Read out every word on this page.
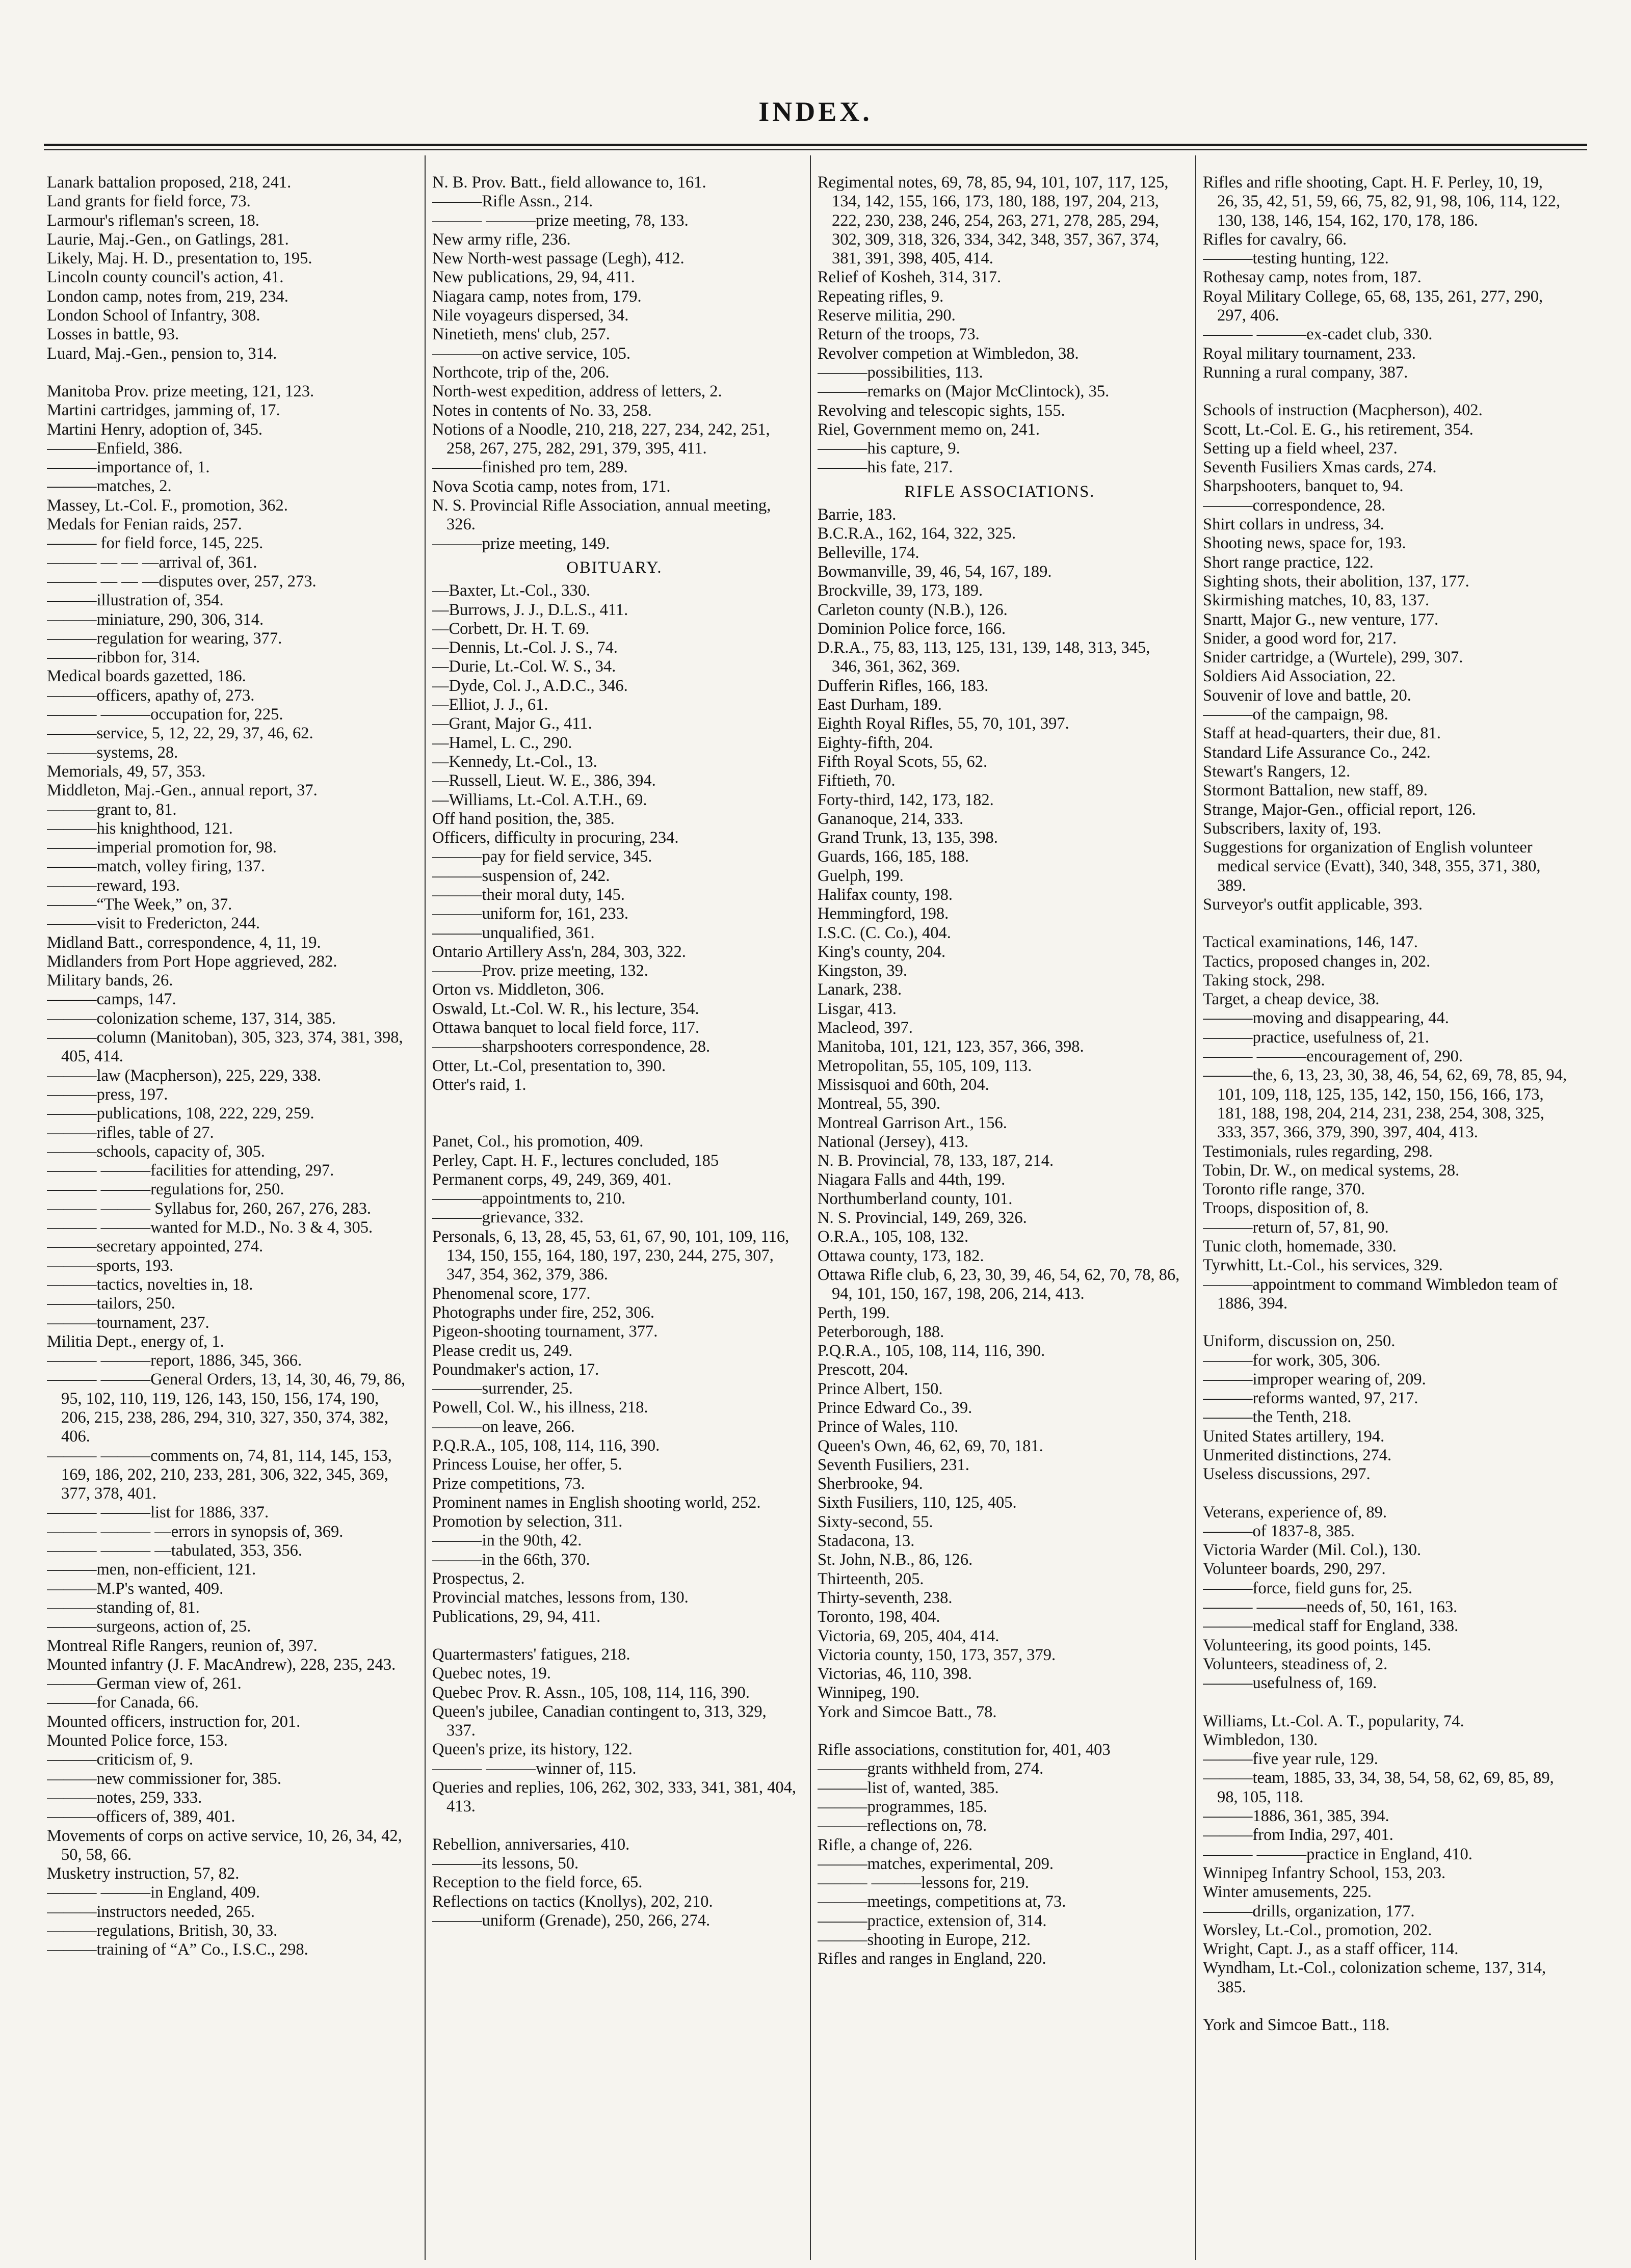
INDEX.
Lanark battalion proposed, 218, 241.
Land grants for field force, 73.
Larmour's rifleman's screen, 18.
Laurie, Maj.-Gen., on Gatlings, 281.
Likely, Maj. H. D., presentation to, 195.
Lincoln county council's action, 41.
London camp, notes from, 219, 234.
London School of Infantry, 308.
Losses in battle, 93.
Luard, Maj.-Gen., pension to, 314.
Manitoba Prov. prize meeting, 121, 123.
Martini cartridges, jamming of, 17.
Martini Henry, adoption of, 345.
———Enfield, 386.
———importance of, 1.
———matches, 2.
Massey, Lt.-Col. F., promotion, 362.
Medals for Fenian raids, 257.
——— for field force, 145, 225.
——— — — —arrival of, 361.
——— — — —disputes over, 257, 273.
———illustration of, 354.
———miniature, 290, 306, 314.
———regulation for wearing, 377.
———ribbon for, 314.
Medical boards gazetted, 186.
———officers, apathy of, 273.
——— ———occupation for, 225.
———service, 5, 12, 22, 29, 37, 46, 62.
———systems, 28.
Memorials, 49, 57, 353.
Middleton, Maj.-Gen., annual report, 37.
———grant to, 81.
———his knighthood, 121.
———imperial promotion for, 98.
———match, volley firing, 137.
———reward, 193.
———“The Week,” on, 37.
———visit to Fredericton, 244.
Midland Batt., correspondence, 4, 11, 19.
Midlanders from Port Hope aggrieved, 282.
Military bands, 26.
———camps, 147.
———colonization scheme, 137, 314, 385.
———column (Manitoban), 305, 323, 374, 381, 398, 405, 414.
———law (Macpherson), 225, 229, 338.
———press, 197.
———publications, 108, 222, 229, 259.
———rifles, table of 27.
———schools, capacity of, 305.
——— ———facilities for attending, 297.
——— ———regulations for, 250.
——— ——— Syllabus for, 260, 267, 276, 283.
——— ———wanted for M.D., No. 3 & 4, 305.
———secretary appointed, 274.
———sports, 193.
———tactics, novelties in, 18.
———tailors, 250.
———tournament, 237.
Militia Dept., energy of, 1.
——— ———report, 1886, 345, 366.
——— ———General Orders, 13, 14, 30, 46, 79, 86, 95, 102, 110, 119, 126, 143, 150, 156, 174, 190, 206, 215, 238, 286, 294, 310, 327, 350, 374, 382, 406.
——— ———comments on, 74, 81, 114, 145, 153, 169, 186, 202, 210, 233, 281, 306, 322, 345, 369, 377, 378, 401.
——— ———list for 1886, 337.
——— ——— —errors in synopsis of, 369.
——— ——— —tabulated, 353, 356.
———men, non-efficient, 121.
———M.P's wanted, 409.
———standing of, 81.
———surgeons, action of, 25.
Montreal Rifle Rangers, reunion of, 397.
Mounted infantry (J. F. MacAndrew), 228, 235, 243.
———German view of, 261.
———for Canada, 66.
Mounted officers, instruction for, 201.
Mounted Police force, 153.
———criticism of, 9.
———new commissioner for, 385.
———notes, 259, 333.
———officers of, 389, 401.
Movements of corps on active service, 10, 26, 34, 42, 50, 58, 66.
Musketry instruction, 57, 82.
——— ———in England, 409.
———instructors needed, 265.
———regulations, British, 30, 33.
———training of “A” Co., I.S.C., 298.
N. B. Prov. Batt., field allowance to, 161.
———Rifle Assn., 214.
——— ———prize meeting, 78, 133.
New army rifle, 236.
New North-west passage (Legh), 412.
New publications, 29, 94, 411.
Niagara camp, notes from, 179.
Nile voyageurs dispersed, 34.
Ninetieth, mens' club, 257.
———on active service, 105.
Northcote, trip of the, 206.
North-west expedition, address of letters, 2.
Notes in contents of No. 33, 258.
Notions of a Noodle, 210, 218, 227, 234, 242, 251, 258, 267, 275, 282, 291, 379, 395, 411.
———finished pro tem, 289.
Nova Scotia camp, notes from, 171.
N. S. Provincial Rifle Association, annual meeting, 326.
———prize meeting, 149.
OBITUARY.
—Baxter, Lt.-Col., 330.
—Burrows, J. J., D.L.S., 411.
—Corbett, Dr. H. T. 69.
—Dennis, Lt.-Col. J. S., 74.
—Durie, Lt.-Col. W. S., 34.
—Dyde, Col. J., A.D.C., 346.
—Elliot, J. J., 61.
—Grant, Major G., 411.
—Hamel, L. C., 290.
—Kennedy, Lt.-Col., 13.
—Russell, Lieut. W. E., 386, 394.
—Williams, Lt.-Col. A.T.H., 69.
Off hand position, the, 385.
Officers, difficulty in procuring, 234.
———pay for field service, 345.
———suspension of, 242.
———their moral duty, 145.
———uniform for, 161, 233.
———unqualified, 361.
Ontario Artillery Ass'n, 284, 303, 322.
———Prov. prize meeting, 132.
Orton vs. Middleton, 306.
Oswald, Lt.-Col. W. R., his lecture, 354.
Ottawa banquet to local field force, 117.
———sharpshooters correspondence, 28.
Otter, Lt.-Col, presentation to, 390.
Otter's raid, 1.
Panet, Col., his promotion, 409.
Perley, Capt. H. F., lectures concluded, 185
Permanent corps, 49, 249, 369, 401.
———appointments to, 210.
———grievance, 332.
Personals, 6, 13, 28, 45, 53, 61, 67, 90, 101, 109, 116, 134, 150, 155, 164, 180, 197, 230, 244, 275, 307, 347, 354, 362, 379, 386.
Phenomenal score, 177.
Photographs under fire, 252, 306.
Pigeon-shooting tournament, 377.
Please credit us, 249.
Poundmaker's action, 17.
———surrender, 25.
Powell, Col. W., his illness, 218.
———on leave, 266.
P.Q.R.A., 105, 108, 114, 116, 390.
Princess Louise, her offer, 5.
Prize competitions, 73.
Prominent names in English shooting world, 252.
Promotion by selection, 311.
———in the 90th, 42.
———in the 66th, 370.
Prospectus, 2.
Provincial matches, lessons from, 130.
Publications, 29, 94, 411.
Quartermasters' fatigues, 218.
Quebec notes, 19.
Quebec Prov. R. Assn., 105, 108, 114, 116, 390.
Queen's jubilee, Canadian contingent to, 313, 329, 337.
Queen's prize, its history, 122.
——— ———winner of, 115.
Queries and replies, 106, 262, 302, 333, 341, 381, 404, 413.
Rebellion, anniversaries, 410.
———its lessons, 50.
Reception to the field force, 65.
Reflections on tactics (Knollys), 202, 210.
———uniform (Grenade), 250, 266, 274.
Regimental notes, 69, 78, 85, 94, 101, 107, 117, 125, 134, 142, 155, 166, 173, 180, 188, 197, 204, 213, 222, 230, 238, 246, 254, 263, 271, 278, 285, 294, 302, 309, 318, 326, 334, 342, 348, 357, 367, 374, 381, 391, 398, 405, 414.
Relief of Kosheh, 314, 317.
Repeating rifles, 9.
Reserve militia, 290.
Return of the troops, 73.
Revolver competion at Wimbledon, 38.
———possibilities, 113.
———remarks on (Major McClintock), 35.
Revolving and telescopic sights, 155.
Riel, Government memo on, 241.
———his capture, 9.
———his fate, 217.
RIFLE ASSOCIATIONS.
Barrie, 183.
B.C.R.A., 162, 164, 322, 325.
Belleville, 174.
Bowmanville, 39, 46, 54, 167, 189.
Brockville, 39, 173, 189.
Carleton county (N.B.), 126.
Dominion Police force, 166.
D.R.A., 75, 83, 113, 125, 131, 139, 148, 313, 345, 346, 361, 362, 369.
Dufferin Rifles, 166, 183.
East Durham, 189.
Eighth Royal Rifles, 55, 70, 101, 397.
Eighty-fifth, 204.
Fifth Royal Scots, 55, 62.
Fiftieth, 70.
Forty-third, 142, 173, 182.
Gananoque, 214, 333.
Grand Trunk, 13, 135, 398.
Guards, 166, 185, 188.
Guelph, 199.
Halifax county, 198.
Hemmingford, 198.
I.S.C. (C. Co.), 404.
King's county, 204.
Kingston, 39.
Lanark, 238.
Lisgar, 413.
Macleod, 397.
Manitoba, 101, 121, 123, 357, 366, 398.
Metropolitan, 55, 105, 109, 113.
Missisquoi and 60th, 204.
Montreal, 55, 390.
Montreal Garrison Art., 156.
National (Jersey), 413.
N. B. Provincial, 78, 133, 187, 214.
Niagara Falls and 44th, 199.
Northumberland county, 101.
N. S. Provincial, 149, 269, 326.
O.R.A., 105, 108, 132.
Ottawa county, 173, 182.
Ottawa Rifle club, 6, 23, 30, 39, 46, 54, 62, 70, 78, 86, 94, 101, 150, 167, 198, 206, 214, 413.
Perth, 199.
Peterborough, 188.
P.Q.R.A., 105, 108, 114, 116, 390.
Prescott, 204.
Prince Albert, 150.
Prince Edward Co., 39.
Prince of Wales, 110.
Queen's Own, 46, 62, 69, 70, 181.
Seventh Fusiliers, 231.
Sherbrooke, 94.
Sixth Fusiliers, 110, 125, 405.
Sixty-second, 55.
Stadacona, 13.
St. John, N.B., 86, 126.
Thirteenth, 205.
Thirty-seventh, 238.
Toronto, 198, 404.
Victoria, 69, 205, 404, 414.
Victoria county, 150, 173, 357, 379.
Victorias, 46, 110, 398.
Winnipeg, 190.
York and Simcoe Batt., 78.
Rifle associations, constitution for, 401, 403
———grants withheld from, 274.
———list of, wanted, 385.
———programmes, 185.
———reflections on, 78.
Rifle, a change of, 226.
———matches, experimental, 209.
——— ———lessons for, 219.
———meetings, competitions at, 73.
———practice, extension of, 314.
———shooting in Europe, 212.
Rifles and ranges in England, 220.
Rifles and rifle shooting, Capt. H. F. Perley, 10, 19, 26, 35, 42, 51, 59, 66, 75, 82, 91, 98, 106, 114, 122, 130, 138, 146, 154, 162, 170, 178, 186.
Rifles for cavalry, 66.
———testing hunting, 122.
Rothesay camp, notes from, 187.
Royal Military College, 65, 68, 135, 261, 277, 290, 297, 406.
——— ———ex-cadet club, 330.
Royal military tournament, 233.
Running a rural company, 387.
Schools of instruction (Macpherson), 402.
Scott, Lt.-Col. E. G., his retirement, 354.
Setting up a field wheel, 237.
Seventh Fusiliers Xmas cards, 274.
Sharpshooters, banquet to, 94.
———correspondence, 28.
Shirt collars in undress, 34.
Shooting news, space for, 193.
Short range practice, 122.
Sighting shots, their abolition, 137, 177.
Skirmishing matches, 10, 83, 137.
Snartt, Major G., new venture, 177.
Snider, a good word for, 217.
Snider cartridge, a (Wurtele), 299, 307.
Soldiers Aid Association, 22.
Souvenir of love and battle, 20.
———of the campaign, 98.
Staff at head-quarters, their due, 81.
Standard Life Assurance Co., 242.
Stewart's Rangers, 12.
Stormont Battalion, new staff, 89.
Strange, Major-Gen., official report, 126.
Subscribers, laxity of, 193.
Suggestions for organization of English volunteer medical service (Evatt), 340, 348, 355, 371, 380, 389.
Surveyor's outfit applicable, 393.
Tactical examinations, 146, 147.
Tactics, proposed changes in, 202.
Taking stock, 298.
Target, a cheap device, 38.
———moving and disappearing, 44.
———practice, usefulness of, 21.
——— ———encouragement of, 290.
———the, 6, 13, 23, 30, 38, 46, 54, 62, 69, 78, 85, 94, 101, 109, 118, 125, 135, 142, 150, 156, 166, 173, 181, 188, 198, 204, 214, 231, 238, 254, 308, 325, 333, 357, 366, 379, 390, 397, 404, 413.
Testimonials, rules regarding, 298.
Tobin, Dr. W., on medical systems, 28.
Toronto rifle range, 370.
Troops, disposition of, 8.
———return of, 57, 81, 90.
Tunic cloth, homemade, 330.
Tyrwhitt, Lt.-Col., his services, 329.
———appointment to command Wimbledon team of 1886, 394.
Uniform, discussion on, 250.
———for work, 305, 306.
———improper wearing of, 209.
———reforms wanted, 97, 217.
———the Tenth, 218.
United States artillery, 194.
Unmerited distinctions, 274.
Useless discussions, 297.
Veterans, experience of, 89.
———of 1837-8, 385.
Victoria Warder (Mil. Col.), 130.
Volunteer boards, 290, 297.
———force, field guns for, 25.
——— ———needs of, 50, 161, 163.
———medical staff for England, 338.
Volunteering, its good points, 145.
Volunteers, steadiness of, 2.
———usefulness of, 169.
Williams, Lt.-Col. A. T., popularity, 74.
Wimbledon, 130.
———five year rule, 129.
———team, 1885, 33, 34, 38, 54, 58, 62, 69, 85, 89, 98, 105, 118.
———1886, 361, 385, 394.
———from India, 297, 401.
——— ———practice in England, 410.
Winnipeg Infantry School, 153, 203.
Winter amusements, 225.
———drills, organization, 177.
Worsley, Lt.-Col., promotion, 202.
Wright, Capt. J., as a staff officer, 114.
Wyndham, Lt.-Col., colonization scheme, 137, 314, 385.
York and Simcoe Batt., 118.
